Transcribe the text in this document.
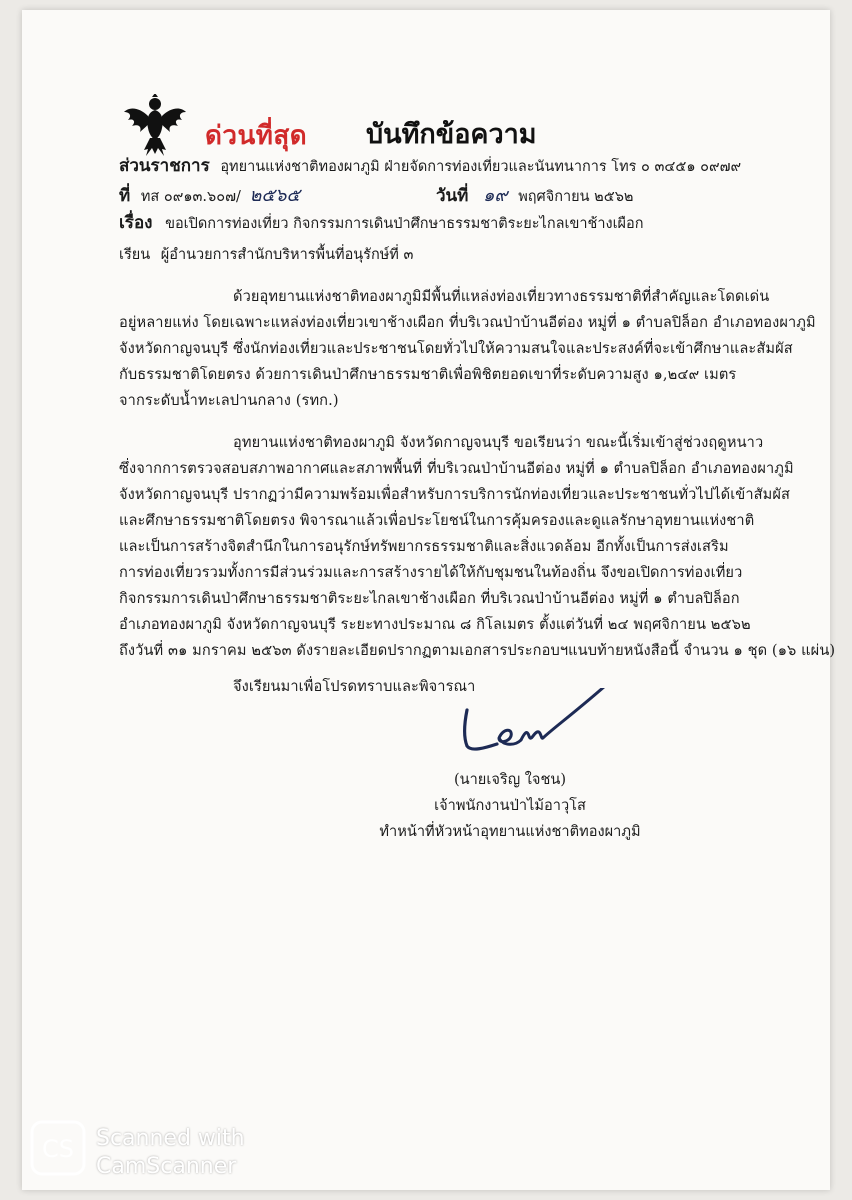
ด่วนที่สุด บันทึกข้อความ
ส่วนราชการ อุทยานแห่งชาติทองผาภูมิ ฝ่ายจัดการท่องเที่ยวและนันทนาการ โทร ๐ ๓๔๕๑ ๐๙๗๙
ที่ ทส ๐๙๑๓.๖๐๗/ ๒๕๖๕	วันที่ ๑๙ พฤศจิกายน ๒๕๖๒
เรื่อง ขอเปิดการท่องเที่ยว กิจกรรมการเดินป่าศึกษาธรรมชาติระยะไกลเขาช้างเผือก
เรียน ผู้อำนวยการสำนักบริหารพื้นที่อนุรักษ์ที่ ๓
ด้วยอุทยานแห่งชาติทองผาภูมิมีพื้นที่แหล่งท่องเที่ยวทางธรรมชาติที่สำคัญและโดดเด่น
อยู่หลายแห่ง โดยเฉพาะแหล่งท่องเที่ยวเขาช้างเผือก ที่บริเวณป่าบ้านอีต่อง หมู่ที่ ๑ ตำบลปิล็อก อำเภอทองผาภูมิ
จังหวัดกาญจนบุรี ซึ่งนักท่องเที่ยวและประชาชนโดยทั่วไปให้ความสนใจและประสงค์ที่จะเข้าศึกษาและสัมผัส
กับธรรมชาติโดยตรง ด้วยการเดินป่าศึกษาธรรมชาติเพื่อพิชิตยอดเขาที่ระดับความสูง ๑,๒๔๙ เมตร
จากระดับน้ำทะเลปานกลาง (รทก.)
อุทยานแห่งชาติทองผาภูมิ จังหวัดกาญจนบุรี ขอเรียนว่า ขณะนี้เริ่มเข้าสู่ช่วงฤดูหนาว
ซึ่งจากการตรวจสอบสภาพอากาศและสภาพพื้นที่ ที่บริเวณป่าบ้านอีต่อง หมู่ที่ ๑ ตำบลปิล็อก อำเภอทองผาภูมิ
จังหวัดกาญจนบุรี ปรากฏว่ามีความพร้อมเพื่อสำหรับการบริการนักท่องเที่ยวและประชาชนทั่วไปได้เข้าสัมผัส
และศึกษาธรรมชาติโดยตรง พิจารณาแล้วเพื่อประโยชน์ในการคุ้มครองและดูแลรักษาอุทยานแห่งชาติ
และเป็นการสร้างจิตสำนึกในการอนุรักษ์ทรัพยากรธรรมชาติและสิ่งแวดล้อม อีกทั้งเป็นการส่งเสริม
การท่องเที่ยวรวมทั้งการมีส่วนร่วมและการสร้างรายได้ให้กับชุมชนในท้องถิ่น จึงขอเปิดการท่องเที่ยว
กิจกรรมการเดินป่าศึกษาธรรมชาติระยะไกลเขาช้างเผือก ที่บริเวณป่าบ้านอีต่อง หมู่ที่ ๑ ตำบลปิล็อก
อำเภอทองผาภูมิ จังหวัดกาญจนบุรี ระยะทางประมาณ ๘ กิโลเมตร ตั้งแต่วันที่ ๒๔ พฤศจิกายน ๒๕๖๒
ถึงวันที่ ๓๑ มกราคม ๒๕๖๓ ดังรายละเอียดปรากฏตามเอกสารประกอบฯแนบท้ายหนังสือนี้ จำนวน ๑ ชุด (๑๖ แผ่น)
จึงเรียนมาเพื่อโปรดทราบและพิจารณา
(นายเจริญ ใจชน)
เจ้าพนักงานป่าไม้อาวุโส
ทำหน้าที่หัวหน้าอุทยานแห่งชาติทองผาภูมิ
CS Scanned with
CamScanner
